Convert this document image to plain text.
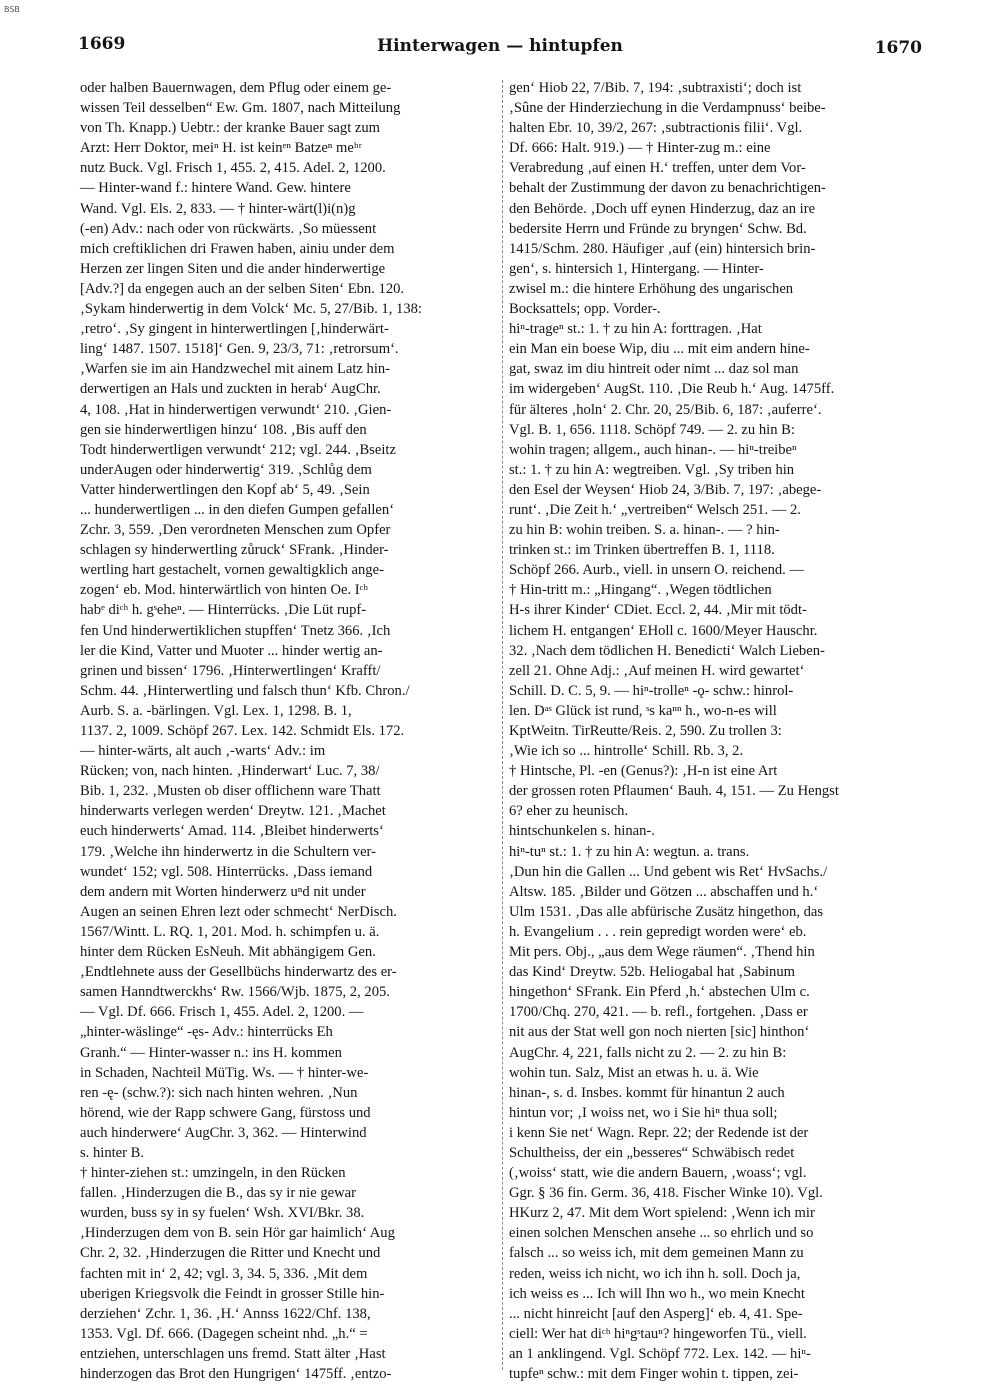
BSB
1669	Hinterwagen — hintupfen	1670
oder halben Bauernwagen, dem Pflug oder einem ge-
wissen Teil desselben“ Ew. Gm. 1807, nach Mitteilung
von Th. Knapp.) Uebtr.: der kranke Bauer sagt zum
Arzt: Herr Doktor, meiⁿ H. ist keinᵉⁿ Batzeⁿ meʰʳ
nutz Buck. Vgl. Frisch 1, 455. 2, 415. Adel. 2, 1200.
— Hinter-wand f.: hintere Wand. Gew. hintere
Wand. Vgl. Els. 2, 833. — † hinter-wärt(l)i(n)g
(-en) Adv.: nach oder von rückwärts. ‚So müessent
mich creftiklichen dri Frawen haben, ainiu under dem
Herzen zer lingen Siten und die ander hinderwertige
[Adv.?] da engegen auch an der selben Siten‘ Ebn. 120.
‚Sykam hinderwertig in dem Volck‘ Mc. 5, 27/Bib. 1, 138:
‚retro‘. ‚Sy gingent in hinterwertlingen [‚hinderwärt-
ling‘ 1487. 1507. 1518]‘ Gen. 9, 23/3, 71: ‚retrorsum‘.
‚Warfen sie im ain Handzwechel mit ainem Latz hin-
derwertigen an Hals und zuckten in herab‘ AugChr.
4, 108. ‚Hat in hinderwertigen verwundt‘ 210. ‚Gien-
gen sie hinderwertligen hinzu‘ 108. ‚Bis auff den
Todt hinderwertligen verwundt‘ 212; vgl. 244. ‚Bseitz
underAugen oder hinderwertig‘ 319. ‚Schlůg dem
Vatter hinderwertlingen den Kopf ab‘ 5, 49. ‚Sein
... hunderwertligen ... in den diefen Gumpen gefallen‘
Zchr. 3, 559. ‚Den verordneten Menschen zum Opfer
schlagen sy hinderwertling zůruck‘ SFrank. ‚Hinder-
wertling hart gestachelt, vornen gewaltigklich ange-
zogen‘ eb. Mod. hinterwärtlich von hinten Oe. Iᶜʰ
habᵉ diᶜʰ h. gˢeheⁿ. — Hinterrücks. ‚Die Lüt rupf-
fen Und hinderwertiklichen stupffen‘ Tnetz 366. ‚Ich
ler die Kind, Vatter und Muoter ... hinder wertig an-
grinen und bissen‘ 1796. ‚Hinterwertlingen‘ Krafft/
Schm. 44. ‚Hinterwertling und falsch thun‘ Kfb. Chron./
Aurb. S. a. -bärlingen. Vgl. Lex. 1, 1298. B. 1,
1137. 2, 1009. Schöpf 267. Lex. 142. Schmidt Els. 172.
— hinter-wärts, alt auch ‚-warts‘ Adv.: im
Rücken; von, nach hinten. ‚Hinderwart‘ Luc. 7, 38/
Bib. 1, 232. ‚Musten ob diser offlichenn ware Thatt
hinderwarts verlegen werden‘ Dreytw. 121. ‚Machet
euch hinderwerts‘ Amad. 114. ‚Bleibet hinderwerts‘
179. ‚Welche ihn hinderwertz in die Schultern ver-
wundet‘ 152; vgl. 508. Hinterrücks. ‚Dass iemand
dem andern mit Worten hinderwerz uⁿd nit under
Augen an seinen Ehren lezt oder schmecht‘ NerDisch.
1567/Wintt. L. RQ. 1, 201. Mod. h. schimpfen u. ä.
hinter dem Rücken EsNeuh. Mit abhängigem Gen.
‚Endtlehnete auss der Gesellbüchs hinderwartz des er-
samen Hanndtwerckhs‘ Rw. 1566/Wjb. 1875, 2, 205.
— Vgl. Df. 666. Frisch 1, 455. Adel. 2, 1200. —
„hinter-wäslinge“ -ęs- Adv.: hinterrücks Eh
Granh.“ — Hinter-wasser n.: ins H. kommen
in Schaden, Nachteil MüTig. Ws. — † hinter-we-
ren -ę- (schw.?): sich nach hinten wehren. ‚Nun
hörend, wie der Rapp schwere Gang, fürstoss und
auch hinderwere‘ AugChr. 3, 362. — Hinterwind
s. hinter B.
† hinter-ziehen st.: umzingeln, in den Rücken
fallen. ‚Hinderzugen die B., das sy ir nie gewar
wurden, buss sy in sy fuelen‘ Wsh. XVI/Bkr. 38.
‚Hinderzugen dem von B. sein Hör gar haimlich‘ Aug
Chr. 2, 32. ‚Hinderzugen die Ritter und Knecht und
fachten mit in‘ 2, 42; vgl. 3, 34. 5, 336. ‚Mit dem
uberigen Kriegsvolk die Feindt in grosser Stille hin-
derziehen‘ Zchr. 1, 36. ‚H.‘ Annss 1622/Chf. 138,
1353. Vgl. Df. 666. (Dagegen scheint nhd. „h.“ =
entziehen, unterschlagen uns fremd. Statt älter ‚Hast
hinderzogen das Brot den Hungrigen‘ 1475ff. ‚entzo-
gen‘ Hiob 22, 7/Bib. 7, 194: ‚subtraxisti‘; doch ist
‚Sûne der Hinderziechung in die Verdampnuss‘ beibe-
halten Ebr. 10, 39/2, 267: ‚subtractionis filii‘. Vgl.
Df. 666: Halt. 919.) — † Hinter-zug m.: eine
Verabredung ‚auf einen H.‘ treffen, unter dem Vor-
behalt der Zustimmung der davon zu benachrichtigen-
den Behörde. ‚Doch uff eynen Hinderzug, daz an ire
bedersite Herrn und Fründe zu bryngen‘ Schw. Bd.
1415/Schm. 280. Häufiger ‚auf (ein) hintersich brin-
gen‘, s. hintersich 1, Hintergang. — Hinter-
zwisel m.: die hintere Erhöhung des ungarischen
Bocksattels; opp. Vorder-.
hiⁿ-trageⁿ st.: 1. † zu hin A: forttragen. ‚Hat
ein Man ein boese Wip, diu ... mit eim andern hine-
gat, swaz im diu hintreit oder nimt ... daz sol man
im widergeben‘ AugSt. 110. ‚Die Reub h.‘ Aug. 1475ff.
für älteres ‚holn‘ 2. Chr. 20, 25/Bib. 6, 187: ‚auferre‘.
Vgl. B. 1, 656. 1118. Schöpf 749. — 2. zu hin B:
wohin tragen; allgem., auch hinan-. — hiⁿ-treibeⁿ
st.: 1. † zu hin A: wegtreiben. Vgl. ‚Sy triben hin
den Esel der Weysen‘ Hiob 24, 3/Bib. 7, 197: ‚abege-
runt‘. ‚Die Zeit h.‘ „vertreiben“ Welsch 251. — 2.
zu hin B: wohin treiben. S. a. hinan-. — ? hin-
trinken st.: im Trinken übertreffen B. 1, 1118.
Schöpf 266. Aurb., viell. in unsern O. reichend. —
† Hin-tritt m.: „Hingang“. ‚Wegen tödtlichen
H-s ihrer Kinder‘ CDiet. Eccl. 2, 44. ‚Mir mit tödt-
lichem H. entgangen‘ EHoll c. 1600/Meyer Hauschr.
32. ‚Nach dem tödlichen H. Benedicti‘ Walch Lieben-
zell 21. Ohne Adj.: ‚Auf meinen H. wird gewartet‘
Schill. D. C. 5, 9. — hiⁿ-trolleⁿ -ǫ- schw.: hinrol-
len. Dᵃˢ Glück ist rund, ˢs kaⁿⁿ h., wo-n-es will
KptWeitn. TirReutte/Reis. 2, 590. Zu trollen 3:
‚Wie ich so ... hintrolle‘ Schill. Rb. 3, 2.
† Hintsche, Pl. -en (Genus?): ‚H-n ist eine Art
der grossen roten Pflaumen‘ Bauh. 4, 151. — Zu Hengst
6? eher zu heunisch.
hintschunkelen s. hinan-.
hiⁿ-tuⁿ st.: 1. † zu hin A: wegtun. a. trans.
‚Dun hin die Gallen ... Und gebent wis Ret‘ HvSachs./
Altsw. 185. ‚Bilder und Götzen ... abschaffen und h.‘
Ulm 1531. ‚Das alle abfürische Zusätz hingethon, das
h. Evangelium . . . rein gepredigt worden were‘ eb.
Mit pers. Obj., „aus dem Wege räumen“. ‚Thend hin
das Kind‘ Dreytw. 52b. Heliogabal hat ‚Sabinum
hingethon‘ SFrank. Ein Pferd ‚h.‘ abstechen Ulm c.
1700/Chq. 270, 421. — b. refl., fortgehen. ‚Dass er
nit aus der Stat well gon noch nierten [sic] hinthon‘
AugChr. 4, 221, falls nicht zu 2. — 2. zu hin B:
wohin tun. Salz, Mist an etwas h. u. ä. Wie
hinan-, s. d. Insbes. kommt für hinantun 2 auch
hintun vor; ‚I woiss net, wo i Sie hiⁿ thua soll;
i kenn Sie net‘ Wagn. Repr. 22; der Redende ist der
Schultheiss, der ein „besseres“ Schwäbisch redet
(‚woiss‘ statt, wie die andern Bauern, ‚woass‘; vgl.
Ggr. § 36 fin. Germ. 36, 418. Fischer Winke 10). Vgl.
HKurz 2, 47. Mit dem Wort spielend: ‚Wenn ich mir
einen solchen Menschen ansehe ... so ehrlich und so
falsch ... so weiss ich, mit dem gemeinen Mann zu
reden, weiss ich nicht, wo ich ihn h. soll. Doch ja,
ich weiss es ... Ich will Ihn wo h., wo mein Knecht
... nicht hinreicht [auf den Asperg]‘ eb. 4, 41. Spe-
ciell: Wer hat diᶜʰ hiⁿgˢtauⁿ? hingeworfen Tü., viell.
an 1 anklingend. Vgl. Schöpf 772. Lex. 142. — hiⁿ-
tupfeⁿ schw.: mit dem Finger wohin t. tippen, zei-
